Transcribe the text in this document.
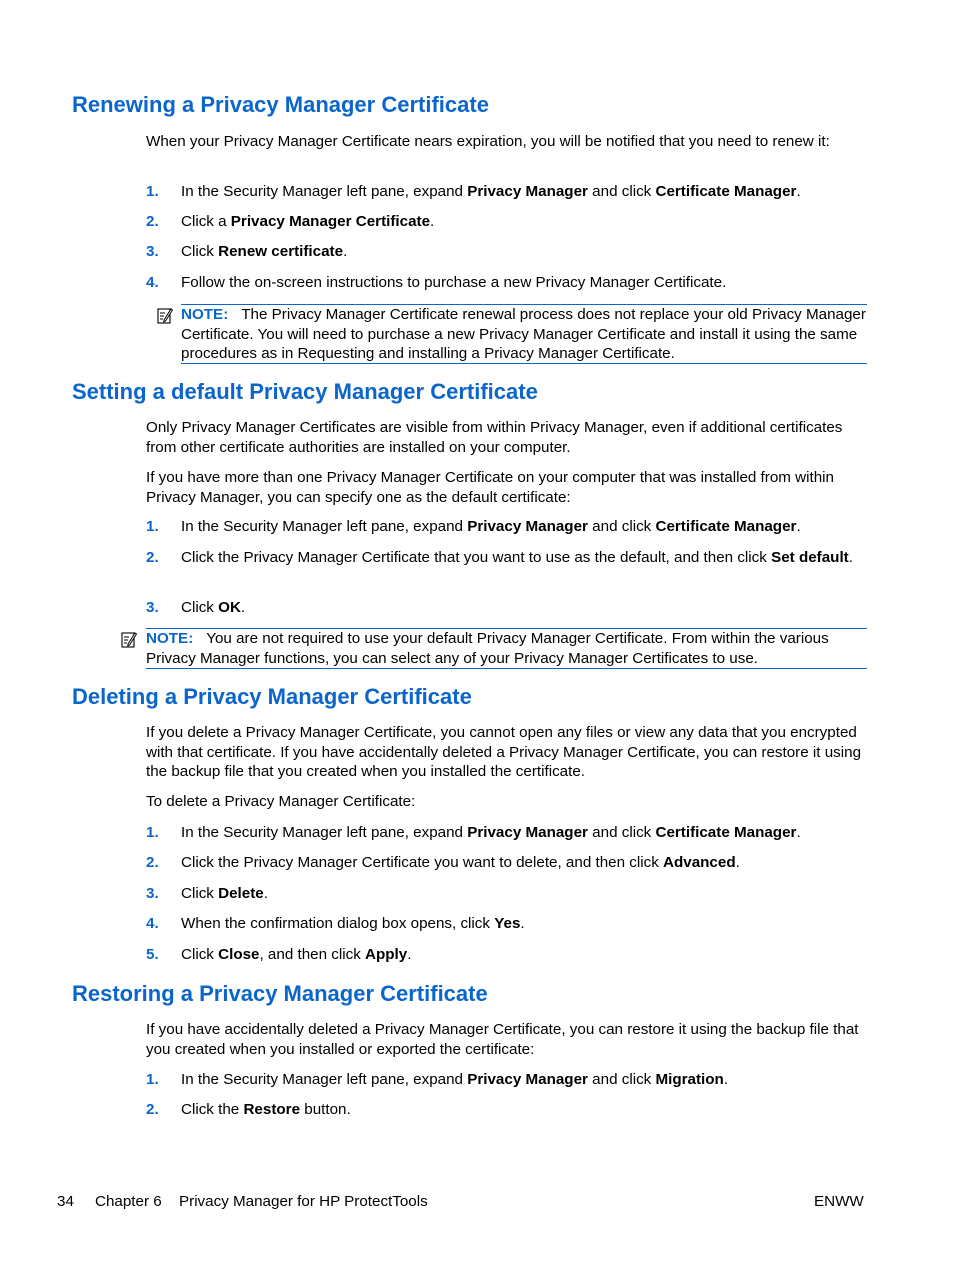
Renewing a Privacy Manager Certificate

When your Privacy Manager Certificate nears expiration, you will be notified that you need to renew it:

1. In the Security Manager left pane, expand Privacy Manager and click Certificate Manager.
2. Click a Privacy Manager Certificate.
3. Click Renew certificate.
4. Follow the on-screen instructions to purchase a new Privacy Manager Certificate.
NOTE: The Privacy Manager Certificate renewal process does not replace your old Privacy Manager Certificate. You will need to purchase a new Privacy Manager Certificate and install it using the same procedures as in Requesting and installing a Privacy Manager Certificate.
Setting a default Privacy Manager Certificate

Only Privacy Manager Certificates are visible from within Privacy Manager, even if additional certificates from other certificate authorities are installed on your computer.

If you have more than one Privacy Manager Certificate on your computer that was installed from within Privacy Manager, you can specify one as the default certificate:

1. In the Security Manager left pane, expand Privacy Manager and click Certificate Manager.
2. Click the Privacy Manager Certificate that you want to use as the default, and then click Set default.
3. Click OK.
NOTE: You are not required to use your default Privacy Manager Certificate. From within the various Privacy Manager functions, you can select any of your Privacy Manager Certificates to use.
Deleting a Privacy Manager Certificate

If you delete a Privacy Manager Certificate, you cannot open any files or view any data that you encrypted with that certificate. If you have accidentally deleted a Privacy Manager Certificate, you can restore it using the backup file that you created when you installed the certificate.

To delete a Privacy Manager Certificate:

1. In the Security Manager left pane, expand Privacy Manager and click Certificate Manager.
2. Click the Privacy Manager Certificate you want to delete, and then click Advanced.
3. Click Delete.
4. When the confirmation dialog box opens, click Yes.
5. Click Close, and then click Apply.
Restoring a Privacy Manager Certificate

If you have accidentally deleted a Privacy Manager Certificate, you can restore it using the backup file that you created when you installed or exported the certificate:

1. In the Security Manager left pane, expand Privacy Manager and click Migration.
2. Click the Restore button.
34 Chapter 6 Privacy Manager for HP ProtectTools	ENWW
